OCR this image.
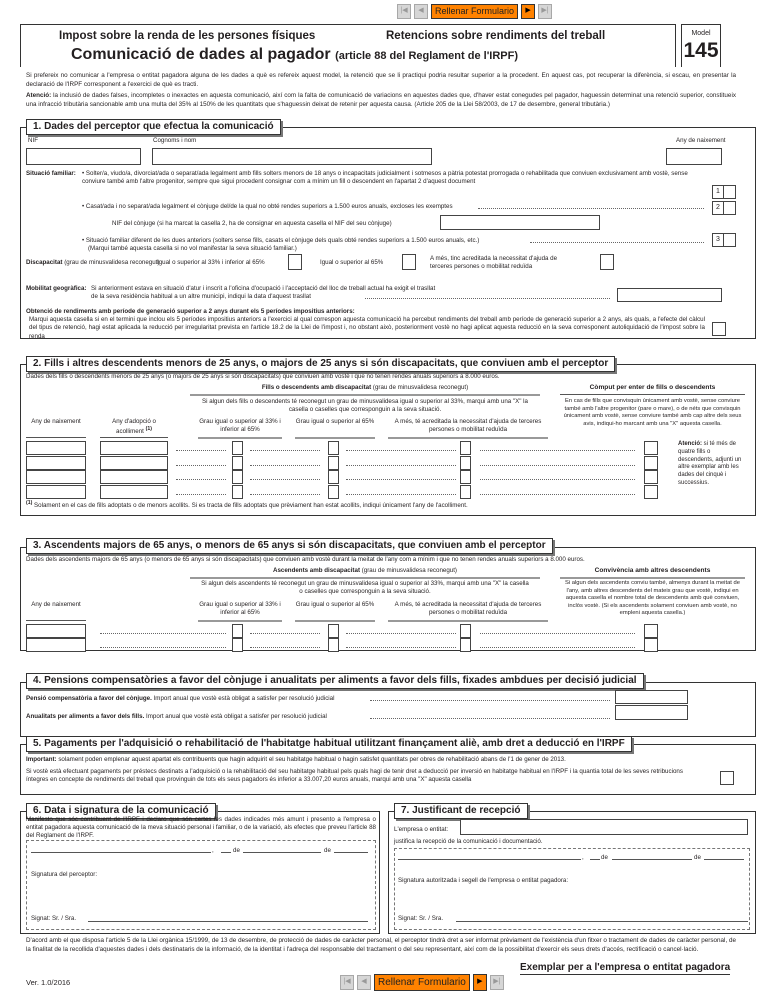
|◀ ◀	Rellenar Formulario	▶ ▶|
Impost sobre la renda de les persones físiques	Retencions sobre rendiments del treball
Comunicació de dades al pagador (article 88 del Reglament de l'IRPF)
Model
145
Si prefereix no comunicar a l'empresa o entitat pagadora alguna de les dades a què es refereix aquest model, la retenció que se li practiqui podria resultar superior a la procedent. En aquest cas, pot recuperar la diferència, si escau, en presentar la declaració de l'IRPF corresponent a l'exercici de què es tracti.
Atenció: la inclusió de dades falses, incompletes o inexactes en aquesta comunicació, així com la falta de comunicació de variacions en aquestes dades que, d'haver estat conegudes pel pagador, haguessin determinat una retenció superior, constitueix una infracció tributària sancionable amb una multa del 35% al 150% de les quantitats que s'haguessin deixat de retenir per aquesta causa. (Article 205 de la Llei 58/2003, de 17 de desembre, general tributària.)
1. Dades del perceptor que efectua la comunicació
NIF	Cognoms i nom	Any de naixement
Situació familiar: • Solter/a, viudo/a, divorciat/ada o separat/ada legalment amb fills solters menors de 18 anys o incapacitats judicialment i sotmesos a pàtria potestat prorrogada o rehabilitada que conviuen exclusivament amb vostè, sense conviure també amb l'altre progenitor, sempre que sigui procedent consignar com a mínim un fill o descendent en l'apartat 2 d'aquest document
1
• Casat/ada i no separat/ada legalment el cònjuge del/de la qual no obté rendes superiors a 1.500 euros anuals, excloses les exemptes	2
NIF del cònjuge (si ha marcat la casella 2, ha de consignar en aquesta casella el NIF del seu cònjuge)
• Situació familiar diferent de les dues anteriors (solters sense fills, casats el cònjuge dels quals obté rendes superiors a 1.500 euros anuals, etc.)
(Marqui també aquesta casella si no vol manifestar la seva situació familiar.)
3
Discapacitat (grau de minusvalidesa reconegut)
Igual o superior al 33% i inferior al 65%	Igual o superior al 65%
A més, tinc acreditada la necessitat d'ajuda de
terceres persones o mobilitat reduïda
Mobilitat geogràfica: Si anteriorment estava en situació d'atur i inscrit a l'oficina d'ocupació i l'acceptació del lloc de treball actual ha exigit el trasllat
de la seva residència habitual a un altre municipi, indiqui la data d'aquest trasllat
Obtenció de rendiments amb període de generació superior a 2 anys durant els 5 períodes impositius anteriors:
Marqui aquesta casella si en el termini que inclou els 5 períodes impositius anteriors a l'exercici al qual correspon aquesta comunicació ha percebut rendiments del treball amb període de generació superior a 2 anys, als quals, a l'efecte del càlcul del tipus de retenció, hagi estat aplicada la reducció per irregularitat prevista en l'article 18.2 de la Llei de l'impost i, no obstant això, posteriorment vostè no hagi aplicat aquesta reducció en la seva corresponent autoliquidació de l'impost sobre la renda
2. Fills i altres descendents menors de 25 anys, o majors de 25 anys si són discapacitats, que conviuen amb el perceptor
Dades dels fills o descendents menors de 25 anys (o majors de 25 anys si són discapacitats) que conviuen amb vostè i que no tenen rendes anuals superiors a 8.000 euros.
Fills o descendents amb discapacitat (grau de minusvalidesa reconegut)
Si algun dels fills o descendents té reconegut un grau de minusvalidesa igual o superior al 33%, marqui amb una "X" la casella o caselles que corresponguin a la seva situació.
Còmput per enter de fills o descendents
En cas de fills que convisquin únicament amb vostè, sense conviure també amb l'altre progenitor (pare o mare), o de néts que convisquin únicament amb vostè, sense conviure també amb cap altre dels seus avis, indiqui-ho marcant amb una "X" aquesta casella.
Any de naixement	Any d'adopció o acolliment $^{(1)}$
Grau igual o superior al 33% i inferior al 65%
Grau igual o superior al 65%	A més, té acreditada la necessitat d'ajuda de terceres persones o mobilitat reduïda
Atenció: si té més de quatre fills o descendents, adjunti un altre exemplar amb les dades del cinquè i successius.
$^{(1)}$ Solament en el cas de fills adoptats o de menors acollits. Si es tracta de fills adoptats que prèviament han estat acollits, indiqui únicament l'any de l'acolliment.
3. Ascendents majors de 65 anys, o menors de 65 anys si són discapacitats, que conviuen amb el perceptor
Dades dels ascendents majors de 65 anys (o menors de 65 anys si són discapacitats) que conviuen amb vostè durant la meitat de l'any com a mínim i que no tenen rendes anuals superiors a 8.000 euros.
Ascendents amb discapacitat (grau de minusvalidesa reconegut)
Si algun dels ascendents té reconegut un grau de minusvalidesa igual o superior al 33%, marqui amb una "X" la casella o caselles que corresponguin a la seva situació.
Convivència amb altres descendents
Si algun dels ascendents conviu també, almenys durant la meitat de l'any, amb altres descendents del mateix grau que vostè, indiqui en aquesta casella el nombre total de descendents amb què conviuen, inclòs vostè. (Si els ascendents solament conviuen amb vostè, no empleni aquesta casella.)
Any de naixement	Grau igual o superior al 33% i inferior al 65%
Grau igual o superior al 65%	A més, té acreditada la necessitat d'ajuda de terceres persones o mobilitat reduïda
4. Pensions compensatòries a favor del cònjuge i anualitats per aliments a favor dels fills, fixades ambdues per decisió judicial
Pensió compensatòria a favor del cònjuge. Import anual que vostè està obligat a satisfer per resolució judicial
Anualitats per aliments a favor dels fills. Import anual que vostè està obligat a satisfer per resolució judicial
5. Pagaments per l'adquisició o rehabilitació de l'habitatge habitual utilitzant finançament aliè, amb dret a deducció en l'IRPF
Important: solament poden emplenar aquest apartat els contribuents que hagin adquirit el seu habitatge habitual o hagin satisfet quantitats per obres de rehabilitació abans de l'1 de gener de 2013.
Si vostè està efectuant pagaments per préstecs destinats a l'adquisició o la rehabilitació del seu habitatge habitual pels quals hagi de tenir dret a deducció per inversió en habitatge habitual en l'IRPF i la quantia total de les seves retribucions íntegres en concepte de rendiments del treball que provinguin de tots els seus pagadors és inferior a 33.007,20 euros anuals, marqui amb una "X" aquesta casella
6. Data i signatura de la comunicació
Manifesto que sóc contribuent de l'IRPF i declaro que són certes les dades indicades més amunt i presento a l'empresa o entitat pagadora aquesta comunicació de la meva situació personal i familiar, o de la variació, als efectes que preveu l'article 88 del Reglament de l'IRPF.
,	de	de
Signatura del perceptor:
Signat: Sr. / Sra.
7. Justificant de recepció
L'empresa o entitat:
justifica la recepció de la comunicació i documentació.
,	de	de
Signatura autoritzada i segell de l'empresa o entitat pagadora:
Signat: Sr. / Sra.
D'acord amb el que disposa l'article 5 de la Llei orgànica 15/1999, de 13 de desembre, de protecció de dades de caràcter personal, el perceptor tindrà dret a ser informat prèviament de l'existència d'un fitxer o tractament de dades de caràcter personal, de la finalitat de la recollida d'aquestes dades i dels destinataris de la informació, de la identitat i l'adreça del responsable del tractament o del seu representant, així com de la possibilitat d'exercir els seus drets d'accés, rectificació o cancel·lació.
Exemplar per a l'empresa o entitat pagadora
Ver. 1.0/2016	|◀ ◀	Rellenar Formulario	▶ ▶|
